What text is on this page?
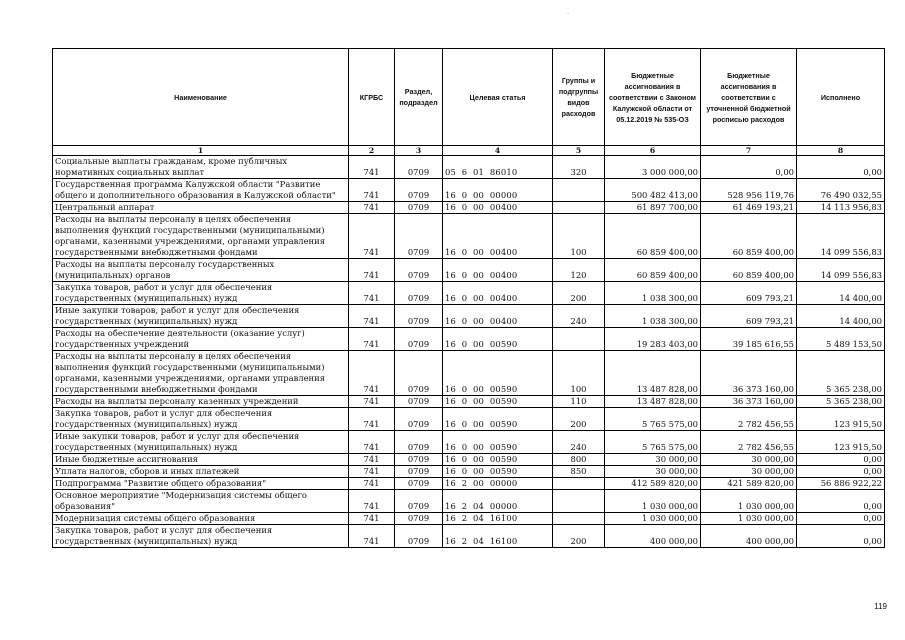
-
Наименование	КГРБС	Раздел, подраздел	Целевая статья	Группы и подгруппы видов расходов	Бюджетные ассигнования в соответствии с Законом Калужской области от 05.12.2019 № 535-ОЗ	Бюджетные ассигнования в соответствии с уточненной бюджетной росписью расходов	Исполнено
1	2	3	4	5	6	7	8
Социальные выплаты гражданам, кроме публичных нормативных социальных выплат	741	0709	05  6  01  86010	320	3 000 000,00	0,00	0,00
Государственная программа Калужской области "Развитие общего и дополнительного образования в Калужской области"	741	0709	16  0  00  00000		500 482 413,00	528 956 119,76	76 490 032,55
Центральный аппарат	741	0709	16  0  00  00400		61 897 700,00	61 469 193,21	14 113 956,83
Расходы на выплаты персоналу в целях обеспечения выполнения функций государственными (муниципальными) органами, казенными учреждениями, органами управления государственными внебюджетными фондами	741	0709	16  0  00  00400	100	60 859 400,00	60 859 400,00	14 099 556,83
Расходы на выплаты персоналу государственных (муниципальных) органов	741	0709	16  0  00  00400	120	60 859 400,00	60 859 400,00	14 099 556,83
Закупка товаров, работ и услуг для обеспечения государственных (муниципальных) нужд	741	0709	16  0  00  00400	200	1 038 300,00	609 793,21	14 400,00
Иные закупки товаров, работ и услуг для обеспечения государственных (муниципальных) нужд	741	0709	16  0  00  00400	240	1 038 300,00	609 793,21	14 400,00
Расходы на обеспечение деятельности (оказание услуг) государственных учреждений	741	0709	16  0  00  00590		19 283 403,00	39 185 616,55	5 489 153,50
Расходы на выплаты персоналу в целях обеспечения выполнения функций государственными (муниципальными) органами, казенными учреждениями, органами управления государственными внебюджетными фондами	741	0709	16  0  00  00590	100	13 487 828,00	36 373 160,00	5 365 238,00
Расходы на выплаты персоналу казенных учреждений	741	0709	16  0  00  00590	110	13 487 828,00	36 373 160,00	5 365 238,00
Закупка товаров, работ и услуг для обеспечения государственных (муниципальных) нужд	741	0709	16  0  00  00590	200	5 765 575,00	2 782 456,55	123 915,50
Иные закупки товаров, работ и услуг для обеспечения государственных (муниципальных) нужд	741	0709	16  0  00  00590	240	5 765 575,00	2 782 456,55	123 915,50
Иные бюджетные ассигнования	741	0709	16  0  00  00590	800	30 000,00	30 000,00	0,00
Уплата налогов, сборов и иных платежей	741	0709	16  0  00  00590	850	30 000,00	30 000,00	0,00
Подпрограмма "Развитие общего образования"	741	0709	16  2  00  00000		412 589 820,00	421 589 820,00	56 886 922,22
Основное мероприятие "Модернизация системы общего образования"	741	0709	16  2  04  00000		1 030 000,00	1 030 000,00	0,00
Модернизация системы общего образования	741	0709	16  2  04  16100		1 030 000,00	1 030 000,00	0,00
Закупка товаров, работ и услуг для обеспечения государственных (муниципальных) нужд	741	0709	16  2  04  16100	200	400 000,00	400 000,00	0,00
119
